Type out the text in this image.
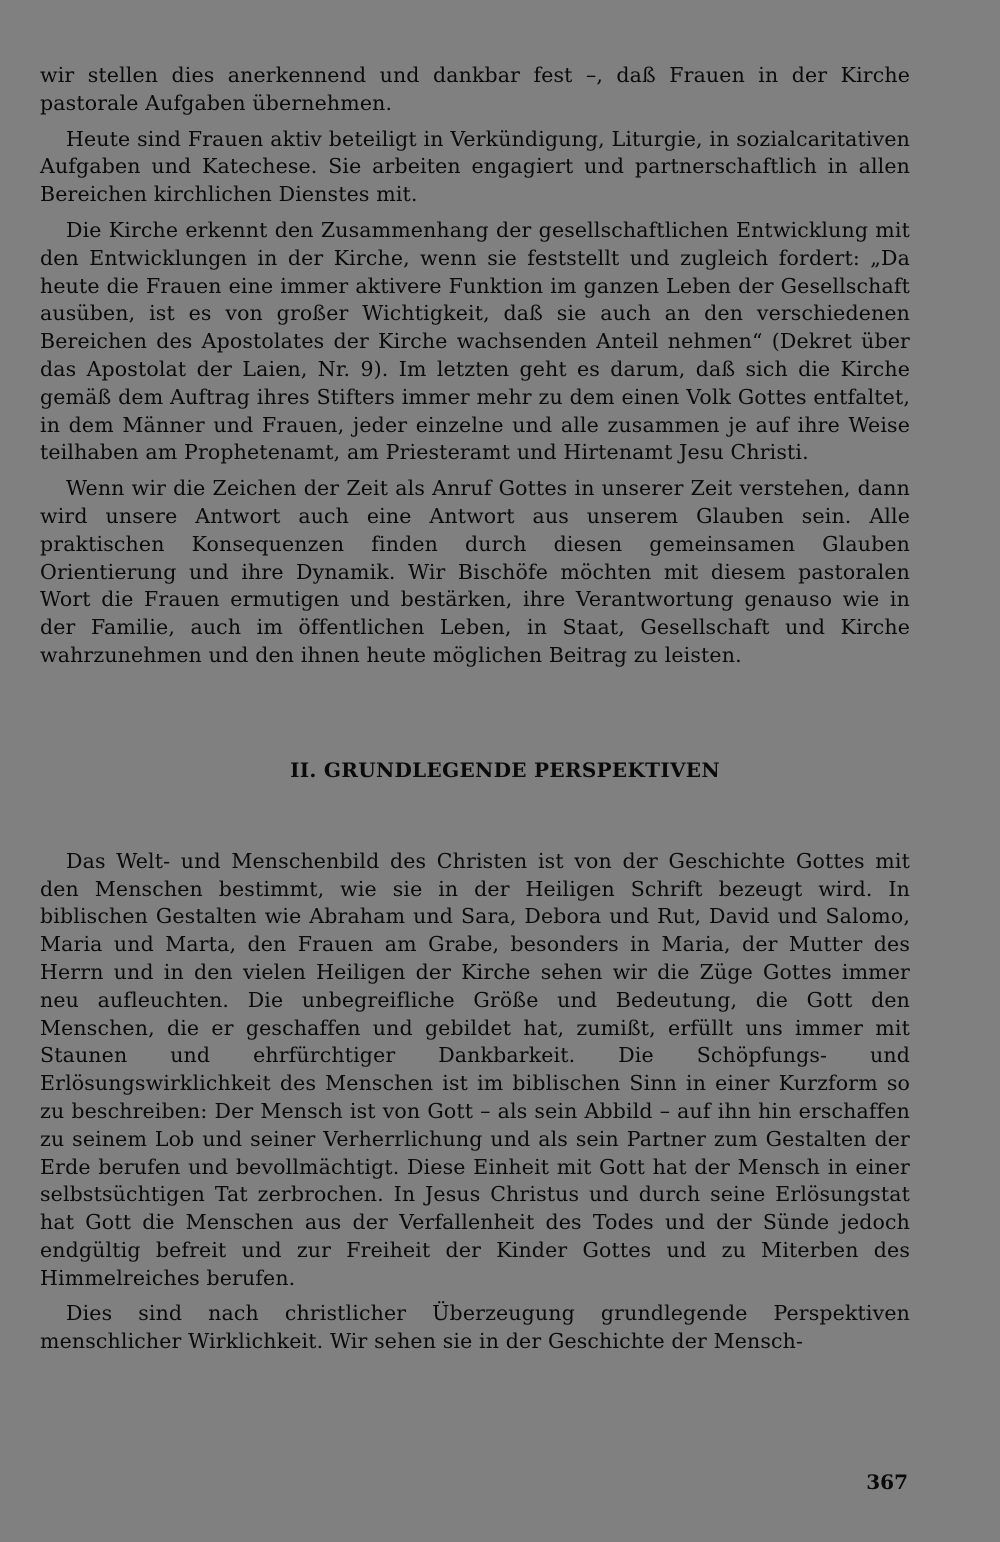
wir stellen dies anerkennend und dankbar fest –, daß Frauen in der Kirche pastorale Aufgaben übernehmen.

Heute sind Frauen aktiv beteiligt in Verkündigung, Liturgie, in sozialcaritativen Aufgaben und Katechese. Sie arbeiten engagiert und partnerschaftlich in allen Bereichen kirchlichen Dienstes mit.

Die Kirche erkennt den Zusammenhang der gesellschaftlichen Entwicklung mit den Entwicklungen in der Kirche, wenn sie feststellt und zugleich fordert: „Da heute die Frauen eine immer aktivere Funktion im ganzen Leben der Gesellschaft ausüben, ist es von großer Wichtigkeit, daß sie auch an den verschiedenen Bereichen des Apostolates der Kirche wachsenden Anteil nehmen“ (Dekret über das Apostolat der Laien, Nr. 9). Im letzten geht es darum, daß sich die Kirche gemäß dem Auftrag ihres Stifters immer mehr zu dem einen Volk Gottes entfaltet, in dem Männer und Frauen, jeder einzelne und alle zusammen je auf ihre Weise teilhaben am Prophetenamt, am Priesteramt und Hirtenamt Jesu Christi.

Wenn wir die Zeichen der Zeit als Anruf Gottes in unserer Zeit verstehen, dann wird unsere Antwort auch eine Antwort aus unserem Glauben sein. Alle praktischen Konsequenzen finden durch diesen gemeinsamen Glauben Orientierung und ihre Dynamik. Wir Bischöfe möchten mit diesem pastoralen Wort die Frauen ermutigen und bestärken, ihre Verantwortung genauso wie in der Familie, auch im öffentlichen Leben, in Staat, Gesellschaft und Kirche wahrzunehmen und den ihnen heute möglichen Beitrag zu leisten.

II. GRUNDLEGENDE PERSPEKTIVEN

Das Welt- und Menschenbild des Christen ist von der Geschichte Gottes mit den Menschen bestimmt, wie sie in der Heiligen Schrift bezeugt wird. In biblischen Gestalten wie Abraham und Sara, Debora und Rut, David und Salomo, Maria und Marta, den Frauen am Grabe, besonders in Maria, der Mutter des Herrn und in den vielen Heiligen der Kirche sehen wir die Züge Gottes immer neu aufleuchten. Die unbegreifliche Größe und Bedeutung, die Gott den Menschen, die er geschaffen und gebildet hat, zumißt, erfüllt uns immer mit Staunen und ehrfürchtiger Dankbarkeit. Die Schöpfungs- und Erlösungswirklichkeit des Menschen ist im biblischen Sinn in einer Kurzform so zu beschreiben: Der Mensch ist von Gott – als sein Abbild – auf ihn hin erschaffen zu seinem Lob und seiner Verherrlichung und als sein Partner zum Gestalten der Erde berufen und bevollmächtigt. Diese Einheit mit Gott hat der Mensch in einer selbstsüchtigen Tat zerbrochen. In Jesus Christus und durch seine Erlösungstat hat Gott die Menschen aus der Verfallenheit des Todes und der Sünde jedoch endgültig befreit und zur Freiheit der Kinder Gottes und zu Miterben des Himmelreiches berufen.

Dies sind nach christlicher Überzeugung grundlegende Perspektiven menschlicher Wirklichkeit. Wir sehen sie in der Geschichte der Mensch-

367
